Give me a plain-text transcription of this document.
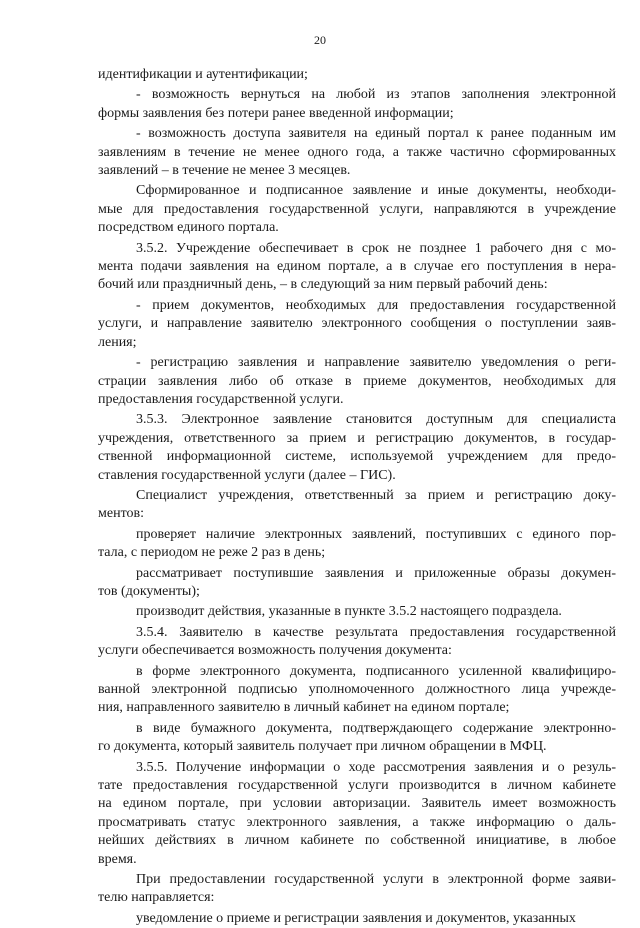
20
идентификации и аутентификации;
- возможность вернуться на любой из этапов заполнения электронной
формы заявления без потери ранее введенной информации;
- возможность доступа заявителя на единый портал к ранее поданным им
заявлениям в течение не менее одного года, а также частично сформированных
заявлений – в течение не менее 3 месяцев.
Сформированное и подписанное заявление и иные документы, необходи-
мые для предоставления государственной услуги, направляются в учреждение
посредством единого портала.
3.5.2. Учреждение обеспечивает в срок не позднее 1 рабочего дня с мо-
мента подачи заявления на едином портале, а в случае его поступления в нера-
бочий или праздничный день, – в следующий за ним первый рабочий день:
- прием документов, необходимых для предоставления государственной
услуги, и направление заявителю электронного сообщения о поступлении заяв-
ления;
- регистрацию заявления и направление заявителю уведомления о реги-
страции заявления либо об отказе в приеме документов, необходимых для
предоставления государственной услуги.
3.5.3. Электронное заявление становится доступным для специалиста
учреждения, ответственного за прием и регистрацию документов, в государ-
ственной информационной системе, используемой учреждением для предо-
ставления государственной услуги (далее – ГИС).
Специалист учреждения, ответственный за прием и регистрацию доку-
ментов:
проверяет наличие электронных заявлений, поступивших с единого пор-
тала, с периодом не реже 2 раз в день;
рассматривает поступившие заявления и приложенные образы докумен-
тов (документы);
производит действия, указанные в пункте 3.5.2 настоящего подраздела.
3.5.4. Заявителю в качестве результата предоставления государственной
услуги обеспечивается возможность получения документа:
в форме электронного документа, подписанного усиленной квалифициро-
ванной электронной подписью уполномоченного должностного лица учрежде-
ния, направленного заявителю в личный кабинет на едином портале;
в виде бумажного документа, подтверждающего содержание электронно-
го документа, который заявитель получает при личном обращении в МФЦ.
3.5.5. Получение информации о ходе рассмотрения заявления и о резуль-
тате предоставления государственной услуги производится в личном кабинете
на едином портале, при условии авторизации. Заявитель имеет возможность
просматривать статус электронного заявления, а также информацию о даль-
нейших действиях в личном кабинете по собственной инициативе, в любое
время.
При предоставлении государственной услуги в электронной форме заяви-
телю направляется:
уведомление о приеме и регистрации заявления и документов, указанных
